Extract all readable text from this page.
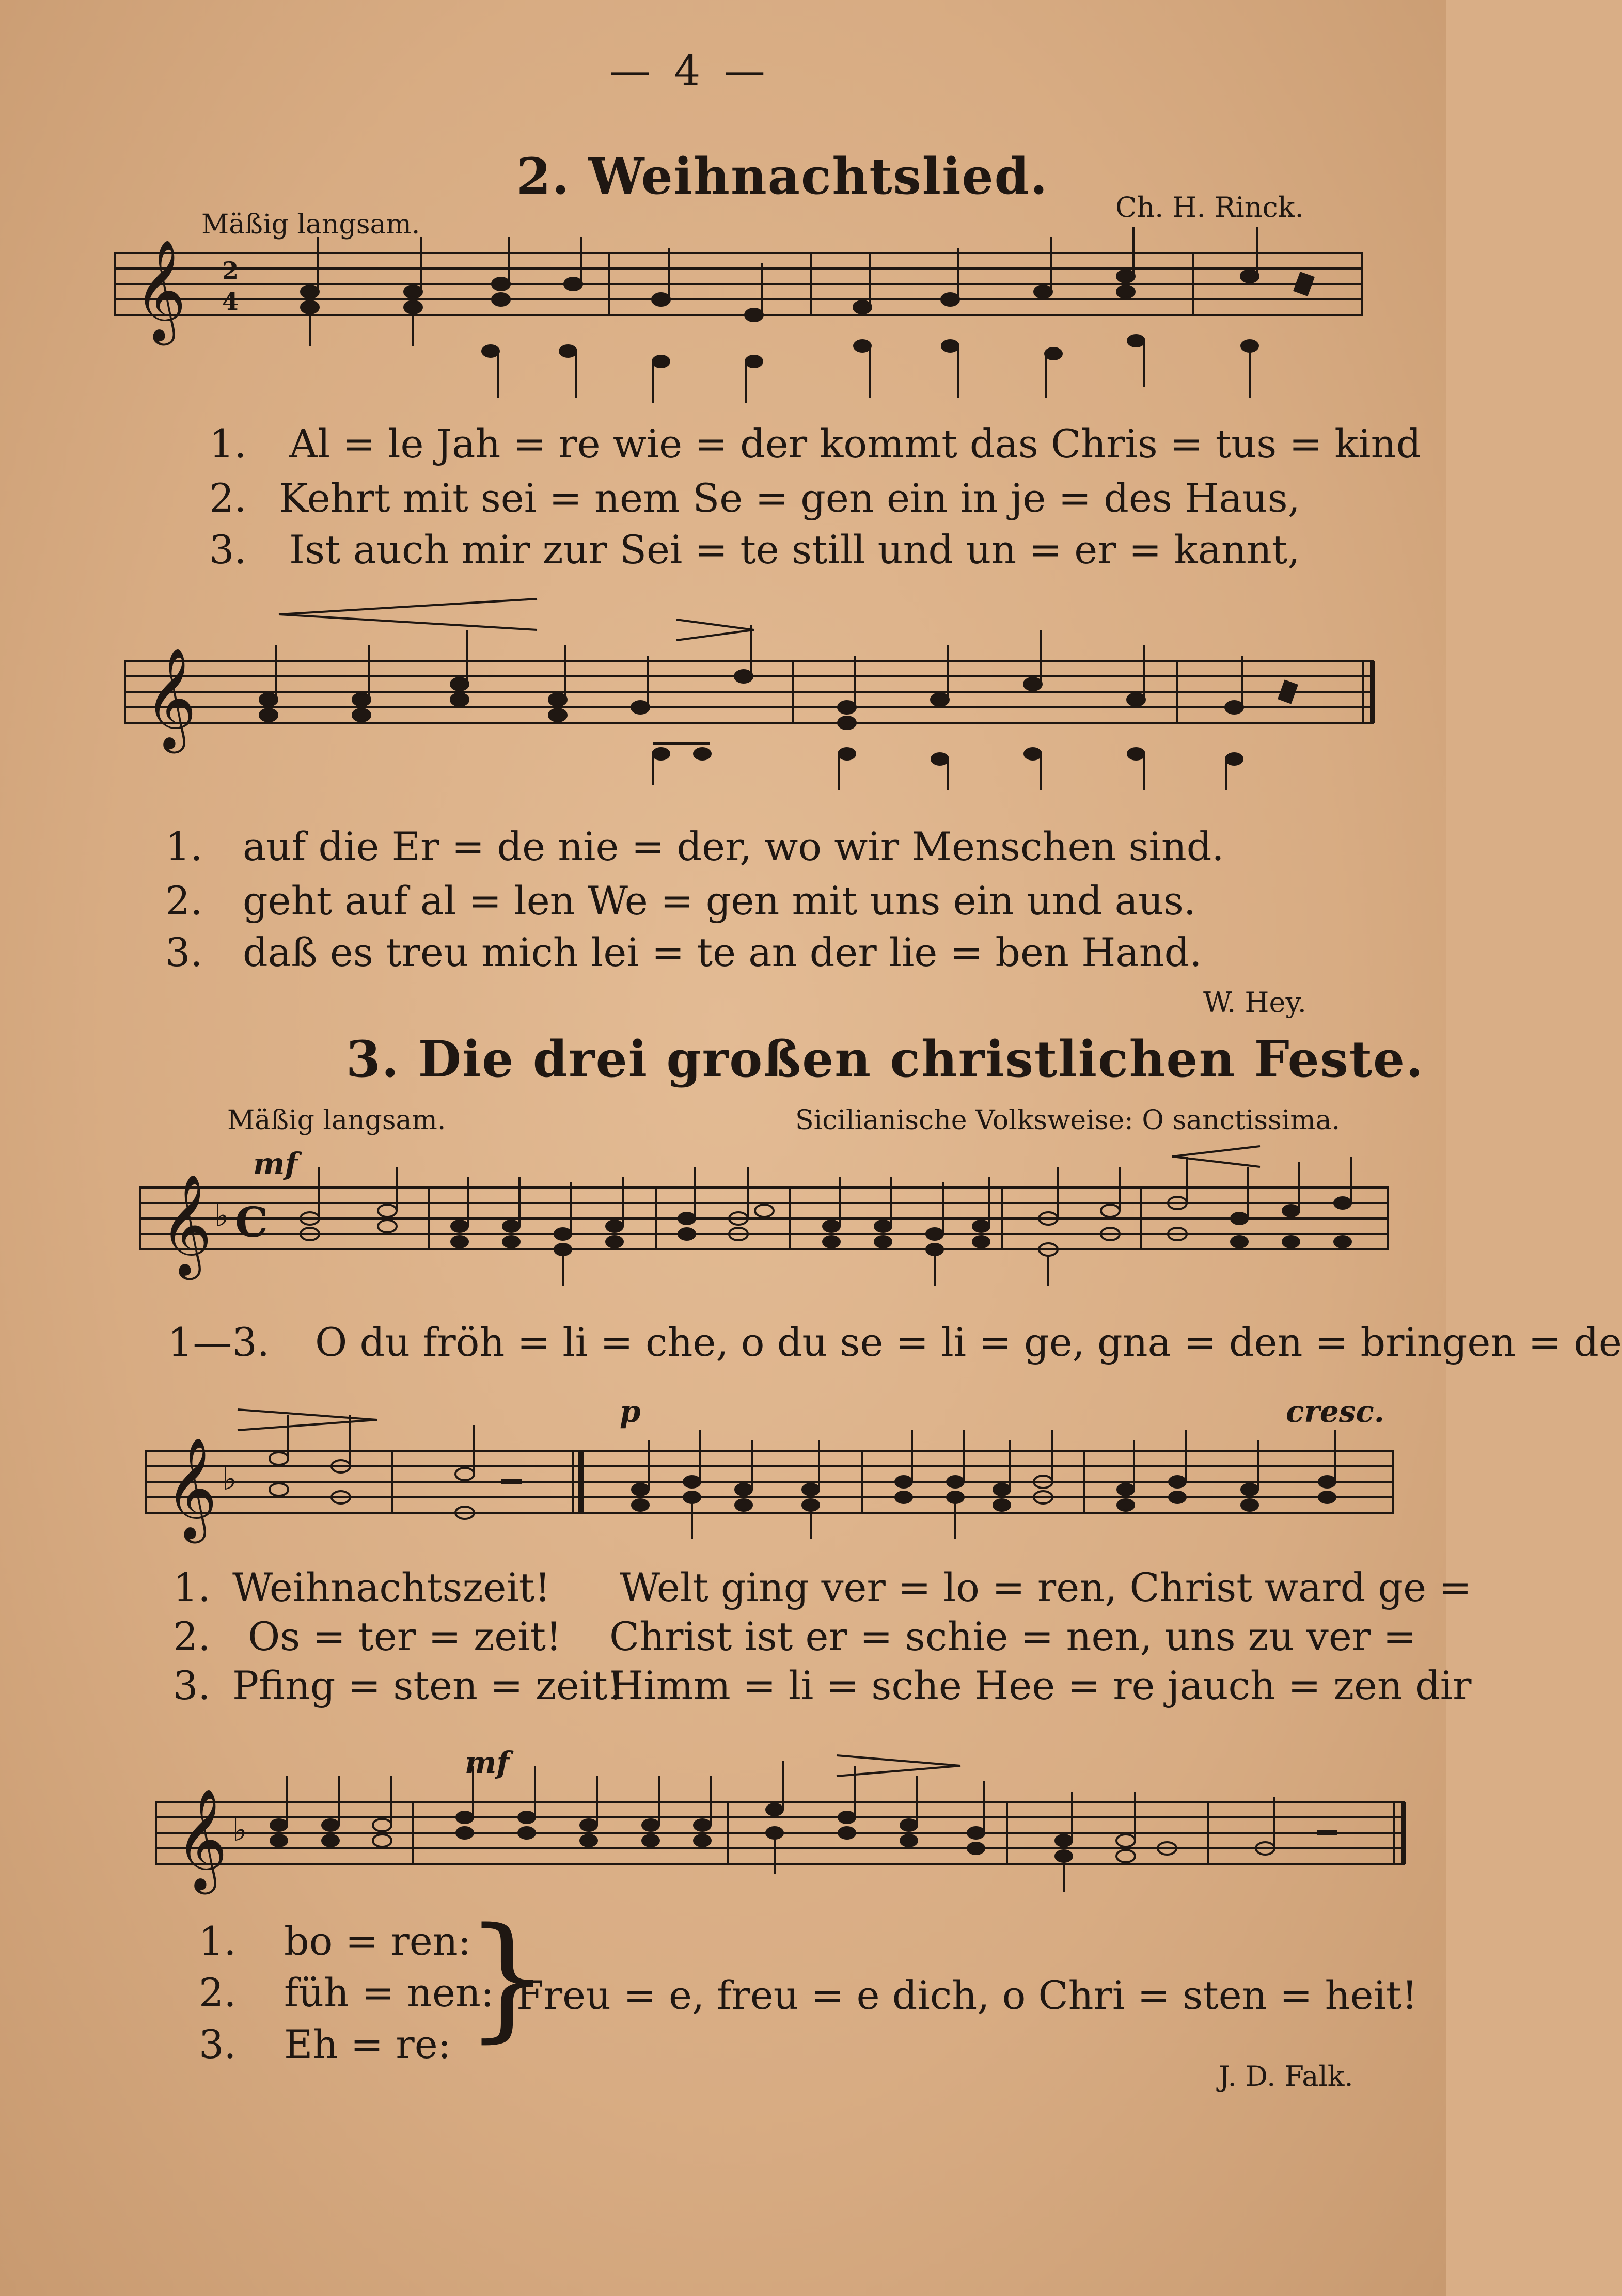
— 4 —
2. Weihnachtslied.
Mäßig langsam.
Ch. H. Rinck.
𝄞 2
4
1. Al = le Jah = re wie = der kommt das Chris = tus = kind
2. Kehrt mit sei = nem Se = gen ein in je = des Haus,
3. Ist auch mir zur Sei = te still und un = er = kannt,
𝄞
1. auf die Er = de nie = der, wo wir Menschen sind.
2. geht auf al = len We = gen mit uns ein und aus.
3. daß es treu mich lei = te an der lie = ben Hand.
W. Hey.
3. Die drei großen christlichen Feste.
Mäßig langsam.	Sicilianische Volksweise: O sanctissima.
mf
𝄞 ♭ C
1—3. O du fröh = li = che, o du se = li = ge, gna = den = bringen = de
p	cresc.
𝄞 ♭
1. Weihnachtszeit! Welt ging ver = lo = ren, Christ ward ge =
2. Os = ter = zeit! Christ ist er = schie = nen, uns zu ver =
3. Pfing = sten = zeit!
Himm = li = sche Hee = re jauch = zen dir
mf
𝄞 ♭
1. bo = ren:
2. füh = nen:
3. Eh = re: }
Freu = e, freu = e dich, o Chri = sten = heit!
J. D. Falk.
